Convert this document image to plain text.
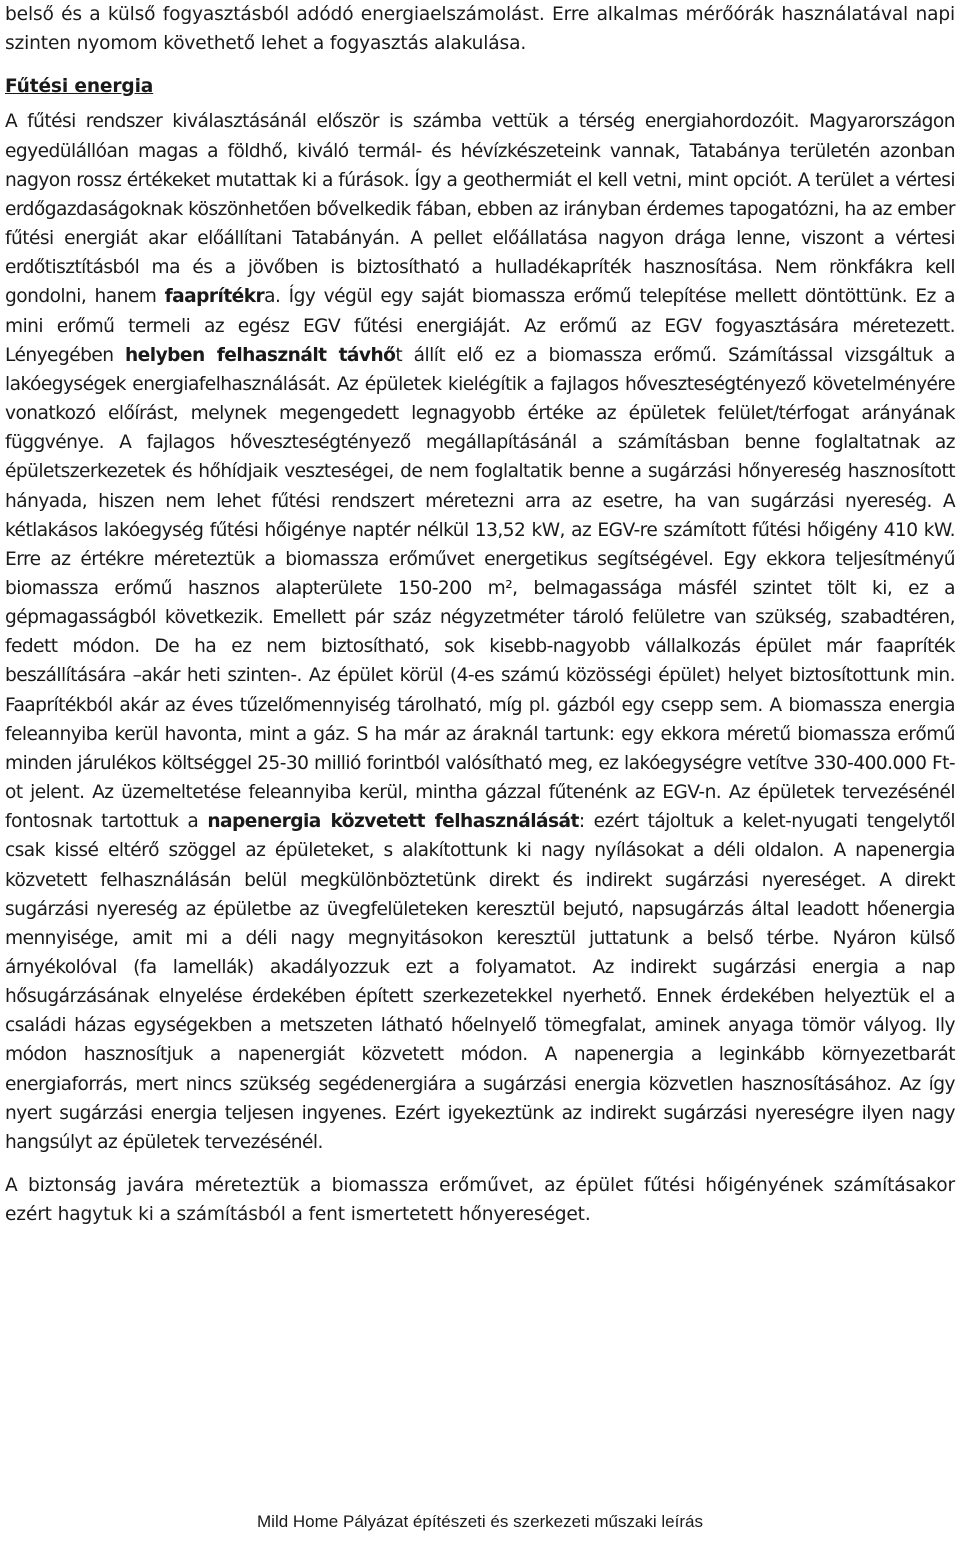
belső és a külső fogyasztásból adódó energiaelszámolást. Erre alkalmas mérőórák használatával napi szinten nyomom követhető lehet a fogyasztás alakulása.

Fűtési energia

A fűtési rendszer kiválasztásánál először is számba vettük a térség energiahordozóit. Magyarországon egyedülállóan magas a földhő, kiváló termál- és hévízkészeteink vannak, Tatabánya területén azonban nagyon rossz értékeket mutattak ki a fúrások. Így a geothermiát el kell vetni, mint opciót. A terület a vértesi erdőgazdaságoknak köszönhetően bővelkedik fában, ebben az irányban érdemes tapogatózni, ha az ember fűtési energiát akar előállítani Tatabányán. A pellet előállatása nagyon drága lenne, viszont a vértesi erdőtisztításból ma és a jövőben is biztosítható a hulladékapríték hasznosítása. Nem rönkfákra kell gondolni, hanem faaprítékra. Így végül egy saját biomassza erőmű telepítése mellett döntöttünk. Ez a mini erőmű termeli az egész EGV fűtési energiáját. Az erőmű az EGV fogyasztására méretezett. Lényegében helyben felhasznált távhőt állít elő ez a biomassza erőmű. Számítással vizsgáltuk a lakóegységek energiafelhasználását. Az épületek kielégítik a fajlagos hőveszteségtényező követelményére vonatkozó előírást, melynek megengedett legnagyobb értéke az épületek felület/térfogat arányának függvénye. A fajlagos hőveszteségtényező megállapításánál a számításban benne foglaltatnak az épületszerkezetek és hőhídjaik veszteségei, de nem foglaltatik benne a sugárzási hőnyereség hasznosított hányada, hiszen nem lehet fűtési rendszert méretezni arra az esetre, ha van sugárzási nyereség. A kétlakásos lakóegység fűtési hőigénye naptér nélkül 13,52 kW, az EGV-re számított fűtési hőigény 410 kW. Erre az értékre méreteztük a biomassza erőművet energetikus segítségével. Egy ekkora teljesítményű biomassza erőmű hasznos alapterülete 150-200 m², belmagassága másfél szintet tölt ki, ez a gépmagasságból következik. Emellett pár száz négyzetméter tároló felületre van szükség, szabadtéren, fedett módon. De ha ez nem biztosítható, sok kisebb-nagyobb vállalkozás épület már faapríték beszállítására –akár heti szinten-. Az épület körül (4-es számú közösségi épület) helyet biztosítottunk min. Faaprítékból akár az éves tűzelőmennyiség tárolható, míg pl. gázból egy csepp sem. A biomassza energia feleannyiba kerül havonta, mint a gáz. S ha már az áraknál tartunk: egy ekkora méretű biomassza erőmű minden járulékos költséggel 25-30 millió forintból valósítható meg, ez lakóegységre vetítve 330-400.000 Ft-ot jelent. Az üzemeltetése feleannyiba kerül, mintha gázzal fűtenénk az EGV-n. Az épületek tervezésénél fontosnak tartottuk a napenergia közvetett felhasználását: ezért tájoltuk a kelet-nyugati tengelytől csak kissé eltérő szöggel az épületeket, s alakítottunk ki nagy nyílásokat a déli oldalon. A napenergia közvetett felhasználásán belül megkülönböztetünk direkt és indirekt sugárzási nyereséget. A direkt sugárzási nyereség az épületbe az üvegfelületeken keresztül bejutó, napsugárzás által leadott hőenergia mennyisége, amit mi a déli nagy megnyitásokon keresztül juttatunk a belső térbe. Nyáron külső árnyékolóval (fa lamellák) akadályozzuk ezt a folyamatot. Az indirekt sugárzási energia a nap hősugárzásának elnyelése érdekében épített szerkezetekkel nyerhető. Ennek érdekében helyeztük el a családi házas egységekben a metszeten látható hőelnyelő tömegfalat, aminek anyaga tömör vályog. Ily módon hasznosítjuk a napenergiát közvetett módon. A napenergia a leginkább környezetbarát energiaforrás, mert nincs szükség segédenergiára a sugárzási energia közvetlen hasznosításához. Az így nyert sugárzási energia teljesen ingyenes. Ezért igyekeztünk az indirekt sugárzási nyereségre ilyen nagy hangsúlyt az épületek tervezésénél.

A biztonság javára méreteztük a biomassza erőművet, az épület fűtési hőigényének számításakor ezért hagytuk ki a számításból a fent ismertetett hőnyereséget.

Mild Home Pályázat építészeti és szerkezeti műszaki leírás
